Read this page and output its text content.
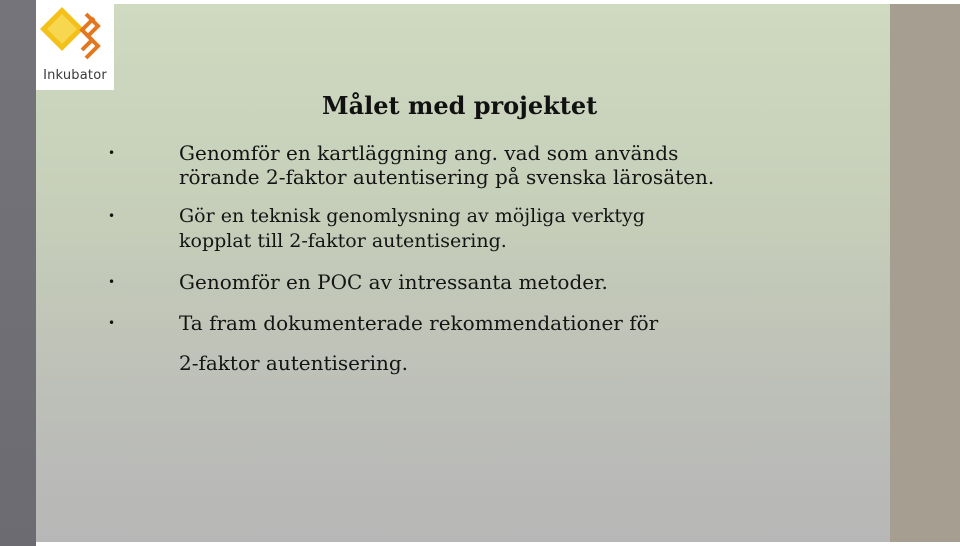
Inkubator
Målet med projektet
•	Genomför en kartläggning ang. vad som används
rörande 2-faktor autentisering på svenska lärosäten.
•	Gör en teknisk genomlysning av möjliga verktyg
kopplat till 2-faktor autentisering.
•	Genomför en POC av intressanta metoder.
•	Ta fram dokumenterade rekommendationer för
2-faktor autentisering.
